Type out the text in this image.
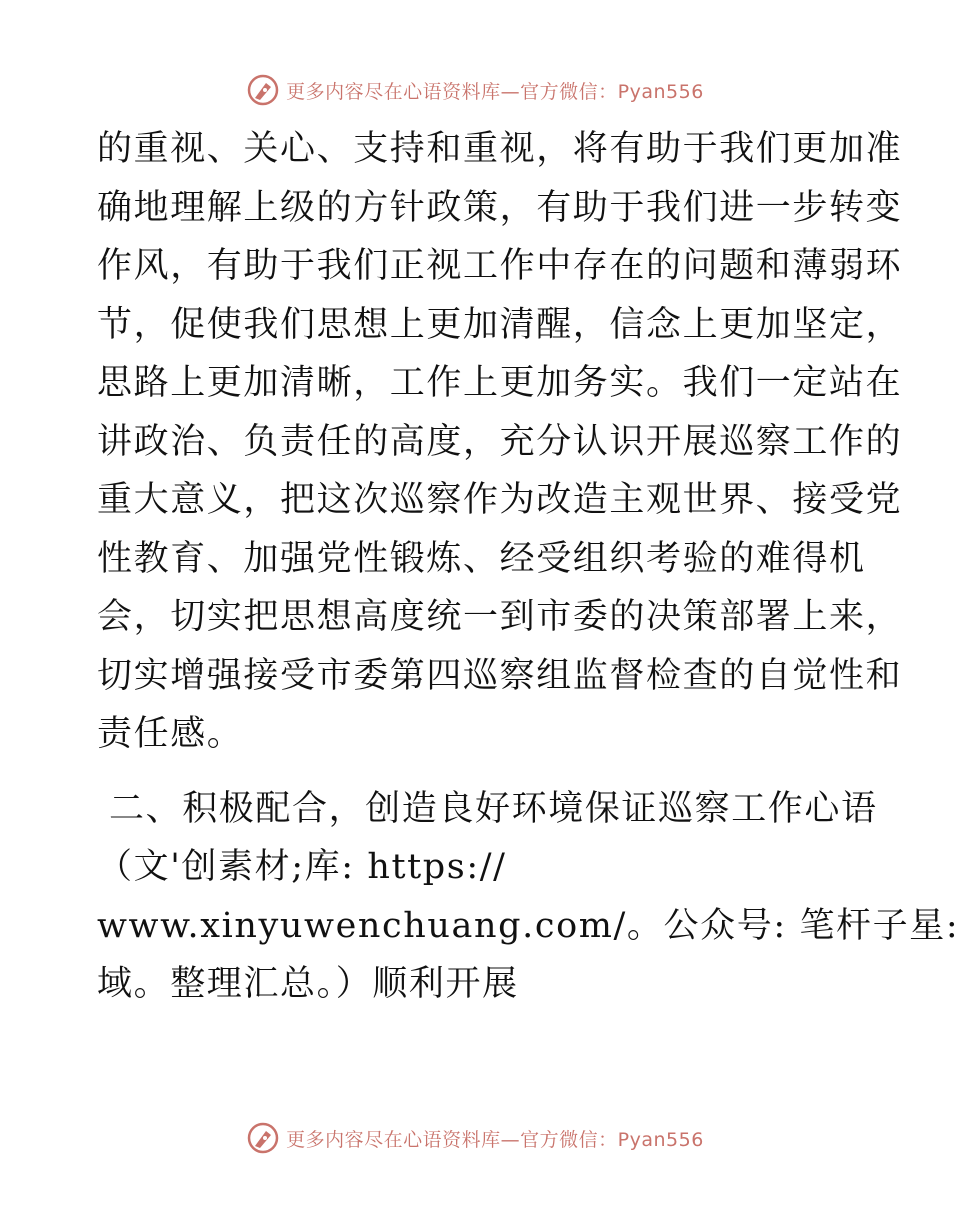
更多内容尽在心语资料库—官方微信：Pyan556
的重视、关心、支持和重视，将有助于我们更加准
确地理解上级的方针政策，有助于我们进一步转变
作风，有助于我们正视工作中存在的问题和薄弱环
节，促使我们思想上更加清醒，信念上更加坚定，
思路上更加清晰，工作上更加务实。我们一定站在
讲政治、负责任的高度，充分认识开展巡察工作的
重大意义，把这次巡察作为改造主观世界、接受党
性教育、加强党性锻炼、经受组织考验的难得机
会，切实把思想高度统一到市委的决策部署上来，
切实增强接受市委第四巡察组监督检查的自觉性和
责任感。
二、积极配合，创造良好环境保证巡察工作心语
（文'创素材;库: https://
www.xinyuwenchuang.com/。公众号: 笔杆子星:
域。整理汇总。）顺利开展
更多内容尽在心语资料库—官方微信：Pyan556
